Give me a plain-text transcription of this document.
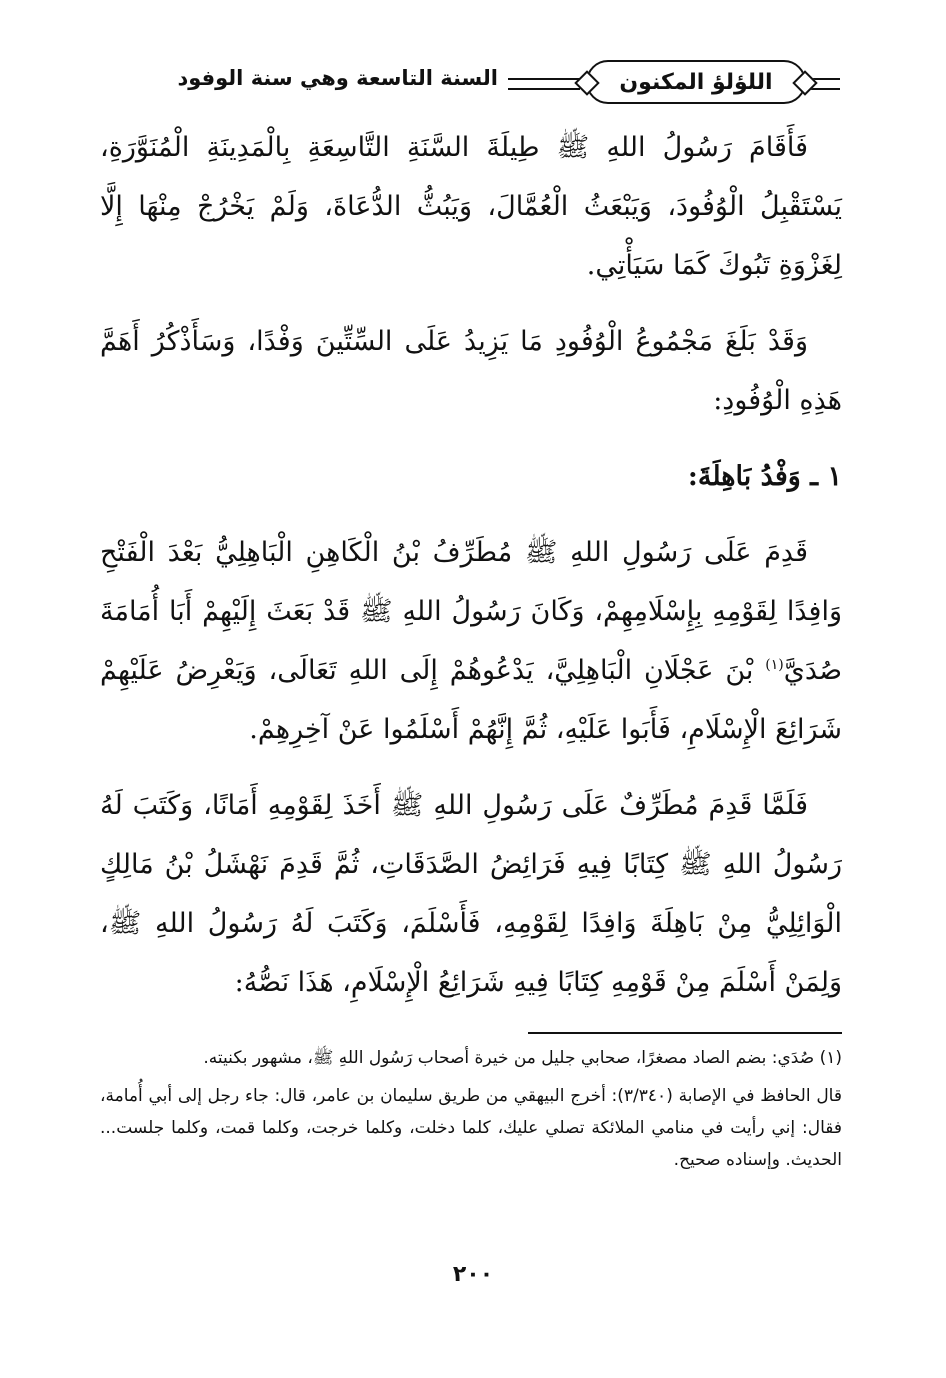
اللؤلؤ المكنون
السنة التاسعة وهي سنة الوفود

فَأَقَامَ رَسُولُ اللهِ ﷺ طِيلَةَ السَّنَةِ التَّاسِعَةِ بِالْمَدِينَةِ الْمُنَوَّرَةِ، يَسْتَقْبِلُ الْوُفُودَ، وَيَبْعَثُ الْعُمَّالَ، وَيَبُثُّ الدُّعَاةَ، وَلَمْ يَخْرُجْ مِنْهَا إِلَّا لِغَزْوَةِ تَبُوكَ كَمَا سَيَأْتِي.

وَقَدْ بَلَغَ مَجْمُوعُ الْوُفُودِ مَا يَزِيدُ عَلَى السِّتِّينَ وَفْدًا، وَسَأَذْكُرُ أَهَمَّ هَذِهِ الْوُفُودِ:

١ ـ وَفْدُ بَاهِلَةَ:

قَدِمَ عَلَى رَسُولِ اللهِ ﷺ مُطَرِّفُ بْنُ الْكَاهِنِ الْبَاهِلِيُّ بَعْدَ الْفَتْحِ وَافِدًا لِقَوْمِهِ بِإِسْلَامِهِمْ، وَكَانَ رَسُولُ اللهِ ﷺ قَدْ بَعَثَ إِلَيْهِمْ أَبَا أُمَامَةَ صُدَيَّ$^{(١)}$ بْنَ عَجْلَانِ الْبَاهِلِيَّ، يَدْعُوهُمْ إِلَى اللهِ تَعَالَى، وَيَعْرِضُ عَلَيْهِمْ شَرَائِعَ الْإِسْلَامِ، فَأَبَوا عَلَيْهِ، ثُمَّ إِنَّهُمْ أَسْلَمُوا عَنْ آخِرِهِمْ.

فَلَمَّا قَدِمَ مُطَرِّفٌ عَلَى رَسُولِ اللهِ ﷺ أَخَذَ لِقَوْمِهِ أَمَانًا، وَكَتَبَ لَهُ رَسُولُ اللهِ ﷺ كِتَابًا فِيهِ فَرَائِضُ الصَّدَقَاتِ، ثُمَّ قَدِمَ نَهْشَلُ بْنُ مَالِكٍ الْوَائِلِيُّ مِنْ بَاهِلَةَ وَافِدًا لِقَوْمِهِ، فَأَسْلَمَ، وَكَتَبَ لَهُ رَسُولُ اللهِ ﷺ، وَلِمَنْ أَسْلَمَ مِنْ قَوْمِهِ كِتَابًا فِيهِ شَرَائِعُ الْإِسْلَامِ، هَذَا نَصُّهُ:

(١) صُدَي: بضم الصاد مصغرًا، صحابي جليل من خيرة أصحاب رَسُول اللهِ ﷺ، مشهور بكنيته.

قال الحافظ في الإصابة (٣/٣٤٠): أخرج البيهقي من طريق سليمان بن عامر، قال: جاء رجل إلى أبي أُمامة، فقال: إني رأيت في منامي الملائكة تصلي عليك، كلما دخلت، وكلما خرجت، وكلما قمت، وكلما جلست... الحديث. وإسناده صحيح.

٢٠٠
